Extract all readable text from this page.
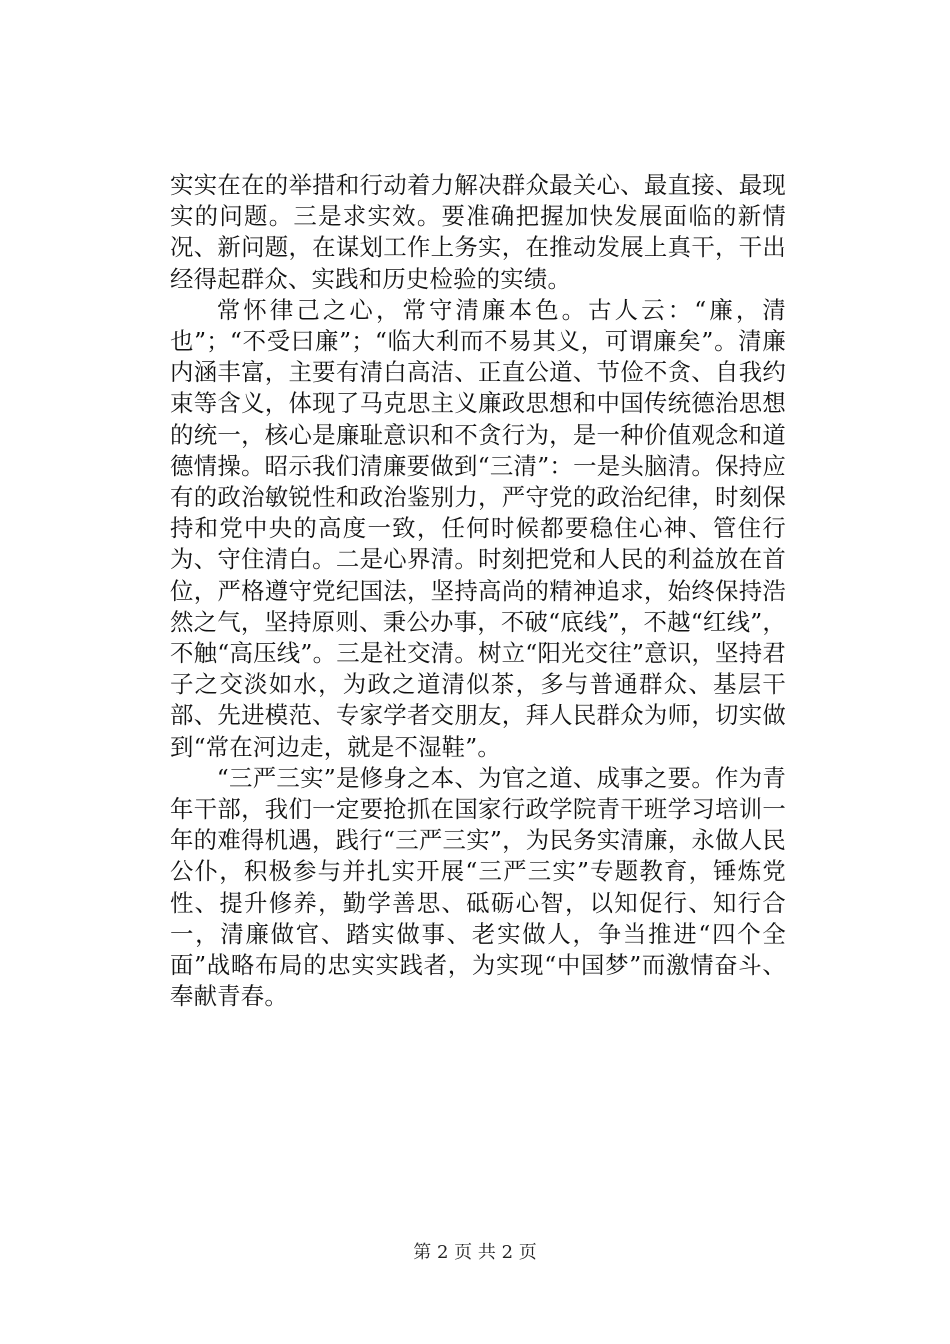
实实在在的举措和行动着力解决群众最关心、最直接、最现实的问题。三是求实效。要准确把握加快发展面临的新情况、新问题，在谋划工作上务实，在推动发展上真干，干出经得起群众、实践和历史检验的实绩。

常怀律己之心，常守清廉本色。古人云：“廉，清也”；“不受曰廉”；“临大利而不易其义，可谓廉矣”。清廉内涵丰富，主要有清白高洁、正直公道、节俭不贪、自我约束等含义，体现了马克思主义廉政思想和中国传统德治思想的统一，核心是廉耻意识和不贪行为，是一种价值观念和道德情操。昭示我们清廉要做到“三清”：一是头脑清。保持应有的政治敏锐性和政治鉴别力，严守党的政治纪律，时刻保持和党中央的高度一致，任何时候都要稳住心神、管住行为、守住清白。二是心界清。时刻把党和人民的利益放在首位，严格遵守党纪国法，坚持高尚的精神追求，始终保持浩然之气，坚持原则、秉公办事，不破“底线”，不越“红线”，不触“高压线”。三是社交清。树立“阳光交往”意识，坚持君子之交淡如水，为政之道清似茶，多与普通群众、基层干部、先进模范、专家学者交朋友，拜人民群众为师，切实做到“常在河边走，就是不湿鞋”。

“三严三实”是修身之本、为官之道、成事之要。作为青年干部，我们一定要抢抓在国家行政学院青干班学习培训一年的难得机遇，践行“三严三实”，为民务实清廉，永做人民公仆，积极参与并扎实开展“三严三实”专题教育，锤炼党性、提升修养，勤学善思、砥砺心智，以知促行、知行合一，清廉做官、踏实做事、老实做人，争当推进“四个全面”战略布局的忠实实践者，为实现“中国梦”而激情奋斗、奉献青春。

第 2 页 共 2 页
